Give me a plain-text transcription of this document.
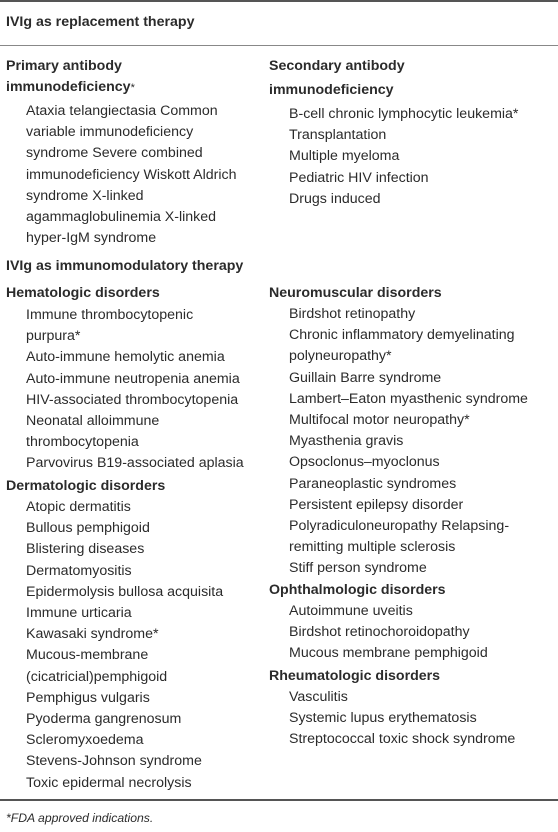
IVIg as replacement therapy
Primary antibody
immunodeficiency*
Ataxia telangiectasia Common
variable immunodeficiency
syndrome Severe combined
immunodeficiency Wiskott Aldrich
syndrome X-linked
agammaglobulinemia X-linked
hyper-IgM syndrome
Secondary antibody
immunodeficiency
B-cell chronic lymphocytic leukemia*
Transplantation
Multiple myeloma
Pediatric HIV infection
Drugs induced
IVIg as immunomodulatory therapy
Hematologic disorders
Immune thrombocytopenic
purpura*
Auto-immune hemolytic anemia
Auto-immune neutropenia anemia
HIV-associated thrombocytopenia
Neonatal alloimmune
thrombocytopenia
Parvovirus B19-associated aplasia
Dermatologic disorders
Atopic dermatitis
Bullous pemphigoid
Blistering diseases
Dermatomyositis
Epidermolysis bullosa acquisita
Immune urticaria
Kawasaki syndrome*
Mucous-membrane
(cicatricial)pemphigoid
Pemphigus vulgaris
Pyoderma gangrenosum
Scleromyxoedema
Stevens-Johnson syndrome
Toxic epidermal necrolysis
Neuromuscular disorders
Birdshot retinopathy
Chronic inflammatory demyelinating
polyneuropathy*
Guillain Barre syndrome
Lambert–Eaton myasthenic syndrome
Multifocal motor neuropathy*
Myasthenia gravis
Opsoclonus–myoclonus
Paraneoplastic syndromes
Persistent epilepsy disorder
Polyradiculoneuropathy Relapsing-
remitting multiple sclerosis
Stiff person syndrome
Ophthalmologic disorders
Autoimmune uveitis
Birdshot retinochoroidopathy
Mucous membrane pemphigoid
Rheumatologic disorders
Vasculitis
Systemic lupus erythematosis
Streptococcal toxic shock syndrome
*FDA approved indications.
